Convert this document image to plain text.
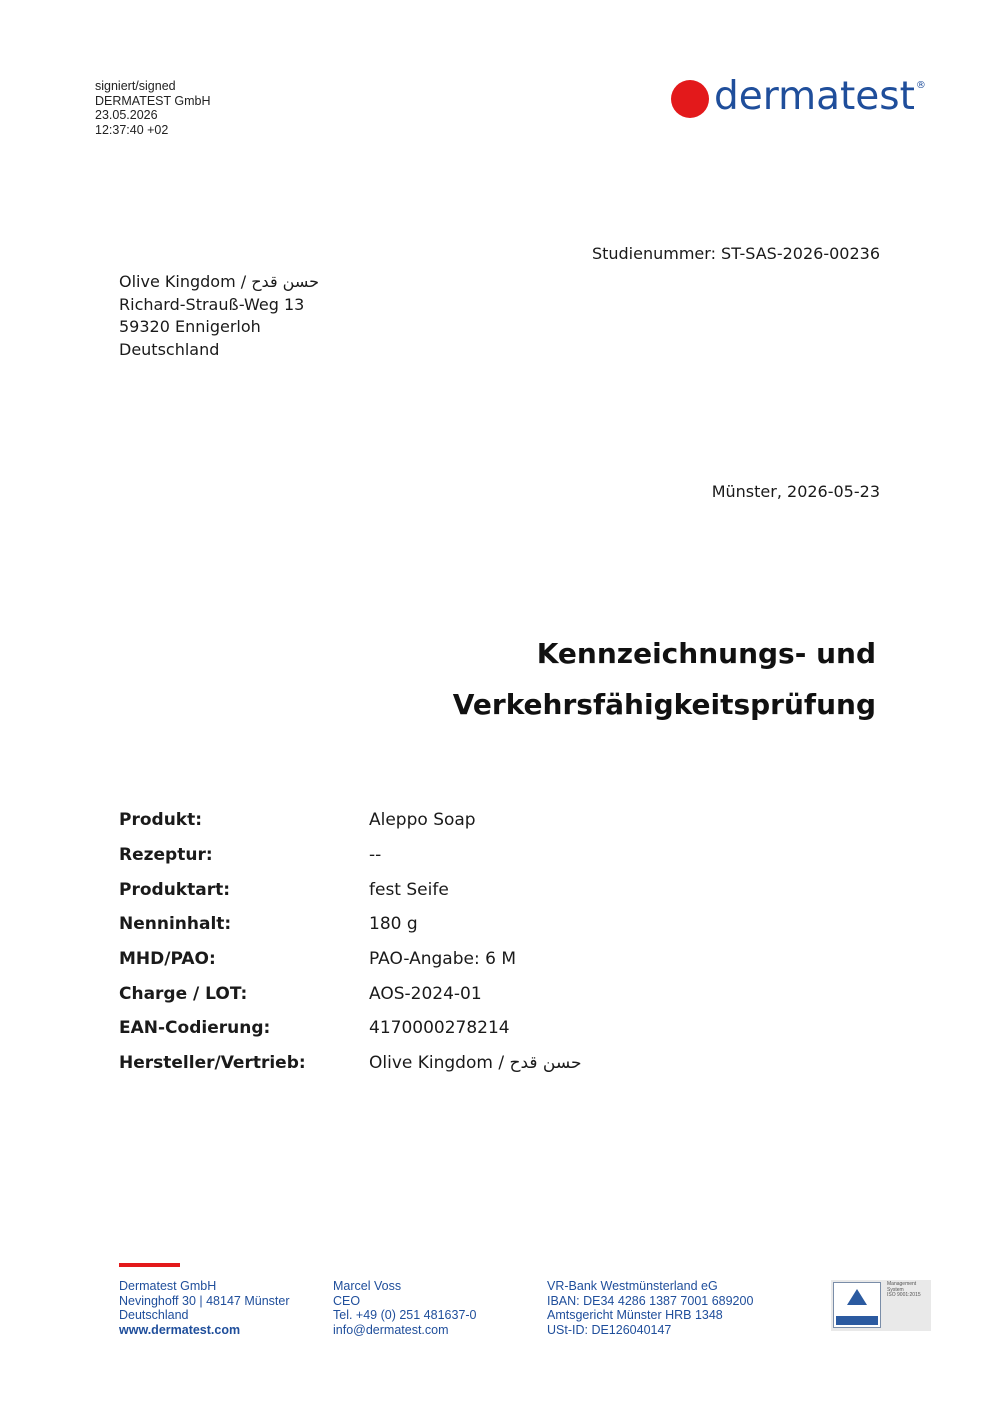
signiert/signed
DERMATEST GmbH
23.05.2026
12:37:40 +02
dermatest ®
Studienummer: ST-SAS-2026-00236
Olive Kingdom / حسن قدح
Richard-Strauß-Weg 13
59320 Ennigerloh
Deutschland
Münster, 2026-05-23
Kennzeichnungs- und
Verkehrsfähigkeitsprüfung
Produkt:	Aleppo Soap
Rezeptur:	--
Produktart:	fest Seife
Nenninhalt:	180 g
MHD/PAO:	PAO-Angabe: 6 M
Charge / LOT:	AOS-2024-01
EAN-Codierung:	4170000278214
Hersteller/Vertrieb:	Olive Kingdom / حسن قدح
Dermatest GmbH
Nevinghoff 30 | 48147 Münster
Deutschland
www.dermatest.com
Marcel Voss
CEO
Tel. +49 (0) 251 481637-0
info@dermatest.com
VR-Bank Westmünsterland eG
IBAN: DE34 4286 1387 7001 689200
Amtsgericht Münster HRB 1348
USt-ID: DE126040147
Management
System
ISO 9001:2015
